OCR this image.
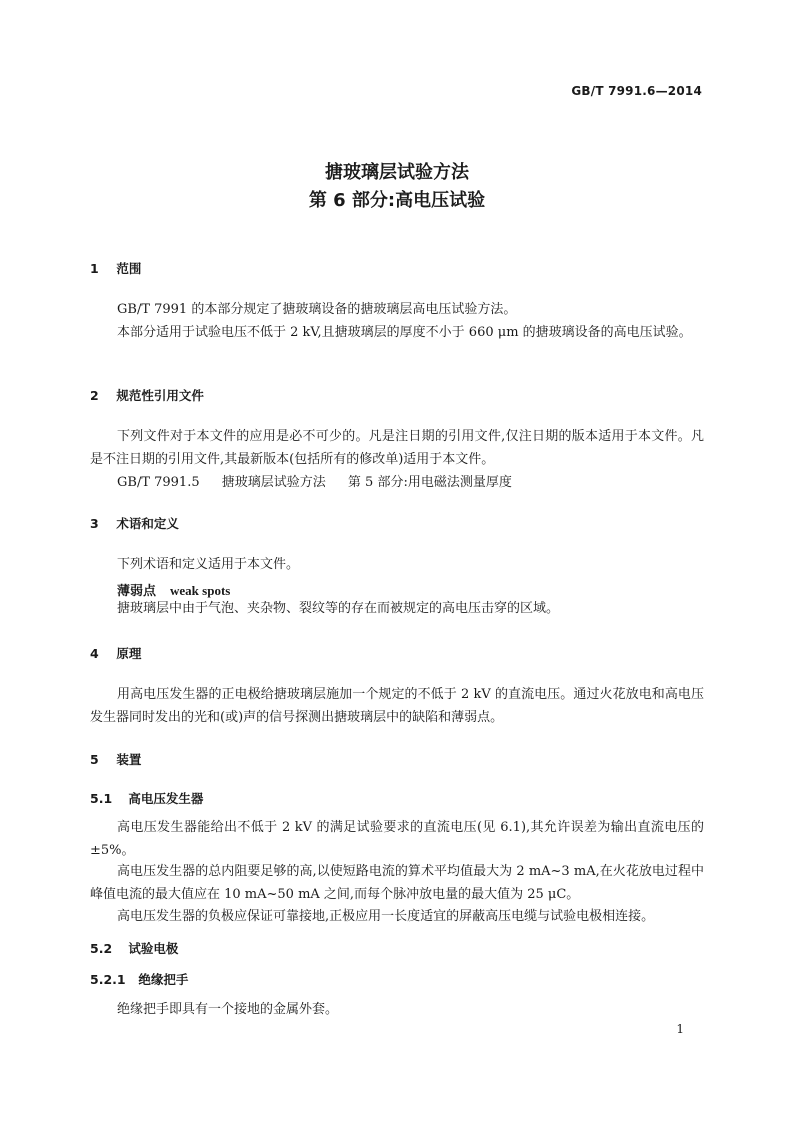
GB/T 7991.6—2014
搪玻璃层试验方法
第 6 部分:高电压试验
1 范围
GB/T 7991 的本部分规定了搪玻璃设备的搪玻璃层高电压试验方法。
本部分适用于试验电压不低于 2 kV,且搪玻璃层的厚度不小于 660 μm 的搪玻璃设备的高电压试验。
2 规范性引用文件
下列文件对于本文件的应用是必不可少的。凡是注日期的引用文件,仅注日期的版本适用于本文件。凡是不注日期的引用文件,其最新版本(包括所有的修改单)适用于本文件。
GB/T 7991.5 搪玻璃层试验方法 第 5 部分:用电磁法测量厚度
3 术语和定义
下列术语和定义适用于本文件。
薄弱点 weak spots
搪玻璃层中由于气泡、夹杂物、裂纹等的存在而被规定的高电压击穿的区域。
4 原理
用高电压发生器的正电极给搪玻璃层施加一个规定的不低于 2 kV 的直流电压。通过火花放电和高电压发生器同时发出的光和(或)声的信号探测出搪玻璃层中的缺陷和薄弱点。
5 装置
5.1 高电压发生器
高电压发生器能给出不低于 2 kV 的满足试验要求的直流电压(见 6.1),其允许误差为输出直流电压的±5%。
高电压发生器的总内阻要足够的高,以使短路电流的算术平均值最大为 2 mA~3 mA,在火花放电过程中峰值电流的最大值应在 10 mA~50 mA 之间,而每个脉冲放电量的最大值为 25 μC。
高电压发生器的负极应保证可靠接地,正极应用一长度适宜的屏蔽高压电缆与试验电极相连接。
5.2 试验电极
5.2.1 绝缘把手
绝缘把手即具有一个接地的金属外套。
1
